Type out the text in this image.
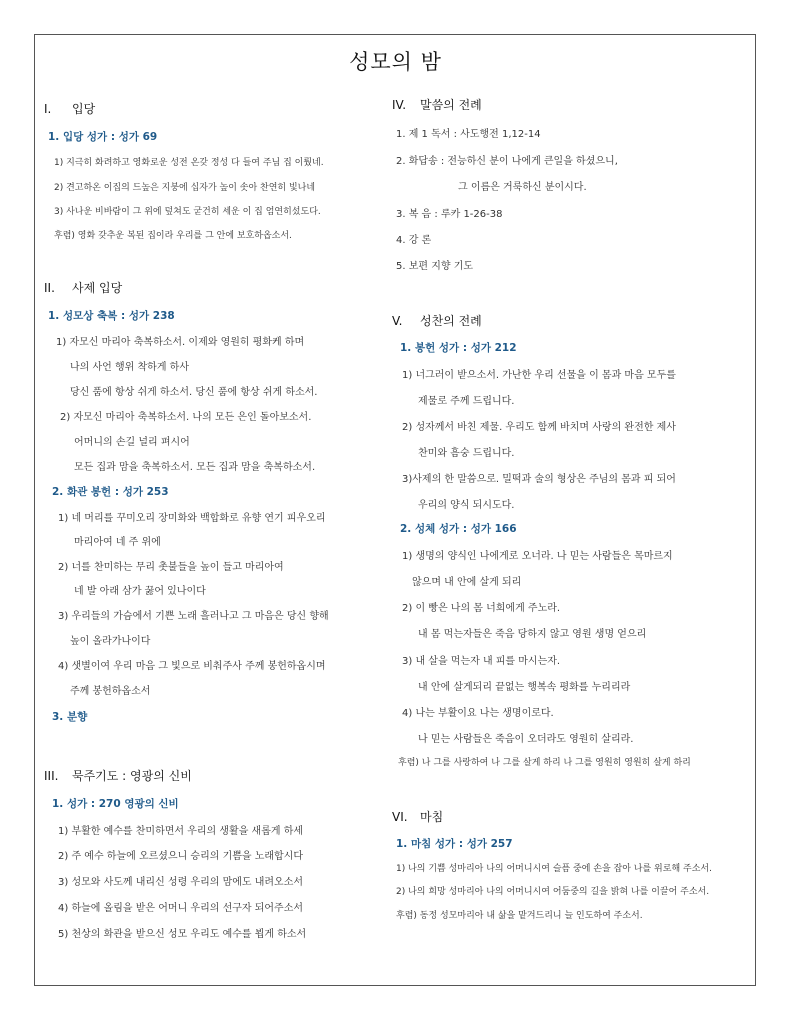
성모의 밤
I. 입당
1. 입당 성가 : 성가 69
1) 지극히 화려하고 영화로운 성전 온갖 정성 다 들여 주님 집 이뤘네.
2) 견고하온 이집의 드높은 지붕에 십자가 높이 솟아 찬연히 빛나네
3) 사나운 비바람이 그 위에 덮쳐도 굳건히 세운 이 집 엄연히섰도다.
후렴) 영화 갖추운 복된 집이라 우리를 그 안에 보호하옵소서.
II. 사제 입당
1. 성모상 축복 : 성가 238
1) 자모신 마리아 축복하소서. 이제와 영원히 평화케 하며
나의 사언 행위 착하게 하사
당신 품에 항상 쉬게 하소서. 당신 품에 항상 쉬게 하소서.
2) 자모신 마리아 축복하소서. 나의 모든 은인 돌아보소서.
어머니의 손길 널리 펴시어
모든 집과 맘을 축복하소서. 모든 집과 맘을 축복하소서.
2. 화관 봉헌 : 성가 253
1) 네 머리를 꾸미오리 장미화와 백합화로 유향 연기 피우오리
마리아여 네 주 위에
2) 너를 찬미하는 무리 촛불들을 높이 들고 마리아여
네 발 아래 삼가 꿇어 있나이다
3) 우리들의 가슴에서 기쁜 노래 흘러나고 그 마음은 당신 향해
높이 올라가나이다
4) 샛별이여 우리 마음 그 빛으로 비춰주사 주께 봉헌하옵시며
주께 봉헌하옵소서
3. 분향
III. 묵주기도 : 영광의 신비
1. 성가 : 270 영광의 신비
1) 부활한 예수를 찬미하면서 우리의 생활을 새롭게 하세
2) 주 예수 하늘에 오르셨으니 승리의 기쁨을 노래합시다
3) 성모와 사도께 내리신 성령 우리의 맘에도 내려오소서
4) 하늘에 올림을 받은 어머니 우리의 선구자 되어주소서
5) 천상의 화관을 받으신 성모 우리도 예수를 뵙게 하소서
IV. 말씀의 전례
1. 제 1 독서 : 사도행전 1,12-14
2. 화답송 : 전능하신 분이 나에게 큰일을 하셨으니,
그 이름은 거룩하신 분이시다.
3. 복 음 : 루카 1-26-38
4. 강 론
5. 보편 지향 기도
V. 성찬의 전례
1. 봉헌 성가 : 성가 212
1) 너그러이 받으소서. 가난한 우리 선물을 이 몸과 마음 모두를
제물로 주께 드립니다.
2) 성자께서 바친 제물. 우리도 함께 바치며 사랑의 완전한 제사
찬미와 흠숭 드립니다.
3)사제의 한 말씀으로. 밀떡과 술의 형상은 주님의 몸과 피 되어
우리의 양식 되시도다.
2. 성체 성가 : 성가 166
1) 생명의 양식인 나에게로 오너라. 나 믿는 사람들은 목마르지
않으며 내 안에 살게 되리
2) 이 빵은 나의 몸 너희에게 주노라.
내 몸 먹는자들은 죽음 당하지 않고 영원 생명 얻으리
3) 내 살을 먹는자 내 피를 마시는자.
내 안에 살게되리 끝없는 행복속 평화를 누리리라
4) 나는 부활이요 나는 생명이로다.
나 믿는 사람들은 죽음이 오더라도 영원히 살리라.
후렴) 나 그를 사랑하여 나 그를 살게 하리 나 그를 영원히 영원히 살게 하리
VI. 마침
1. 마침 성가 : 성가 257
1) 나의 기쁨 성마리아 나의 어머니시여 슬픔 중에 손을 잡아 나를 위로해 주소서.
2) 나의 희망 성마리아 나의 어머니시여 어둠중의 길을 밝혀 나를 이끌어 주소서.
후렴) 동정 성모마리아 내 삶을 맡겨드리니 늘 인도하여 주소서.
